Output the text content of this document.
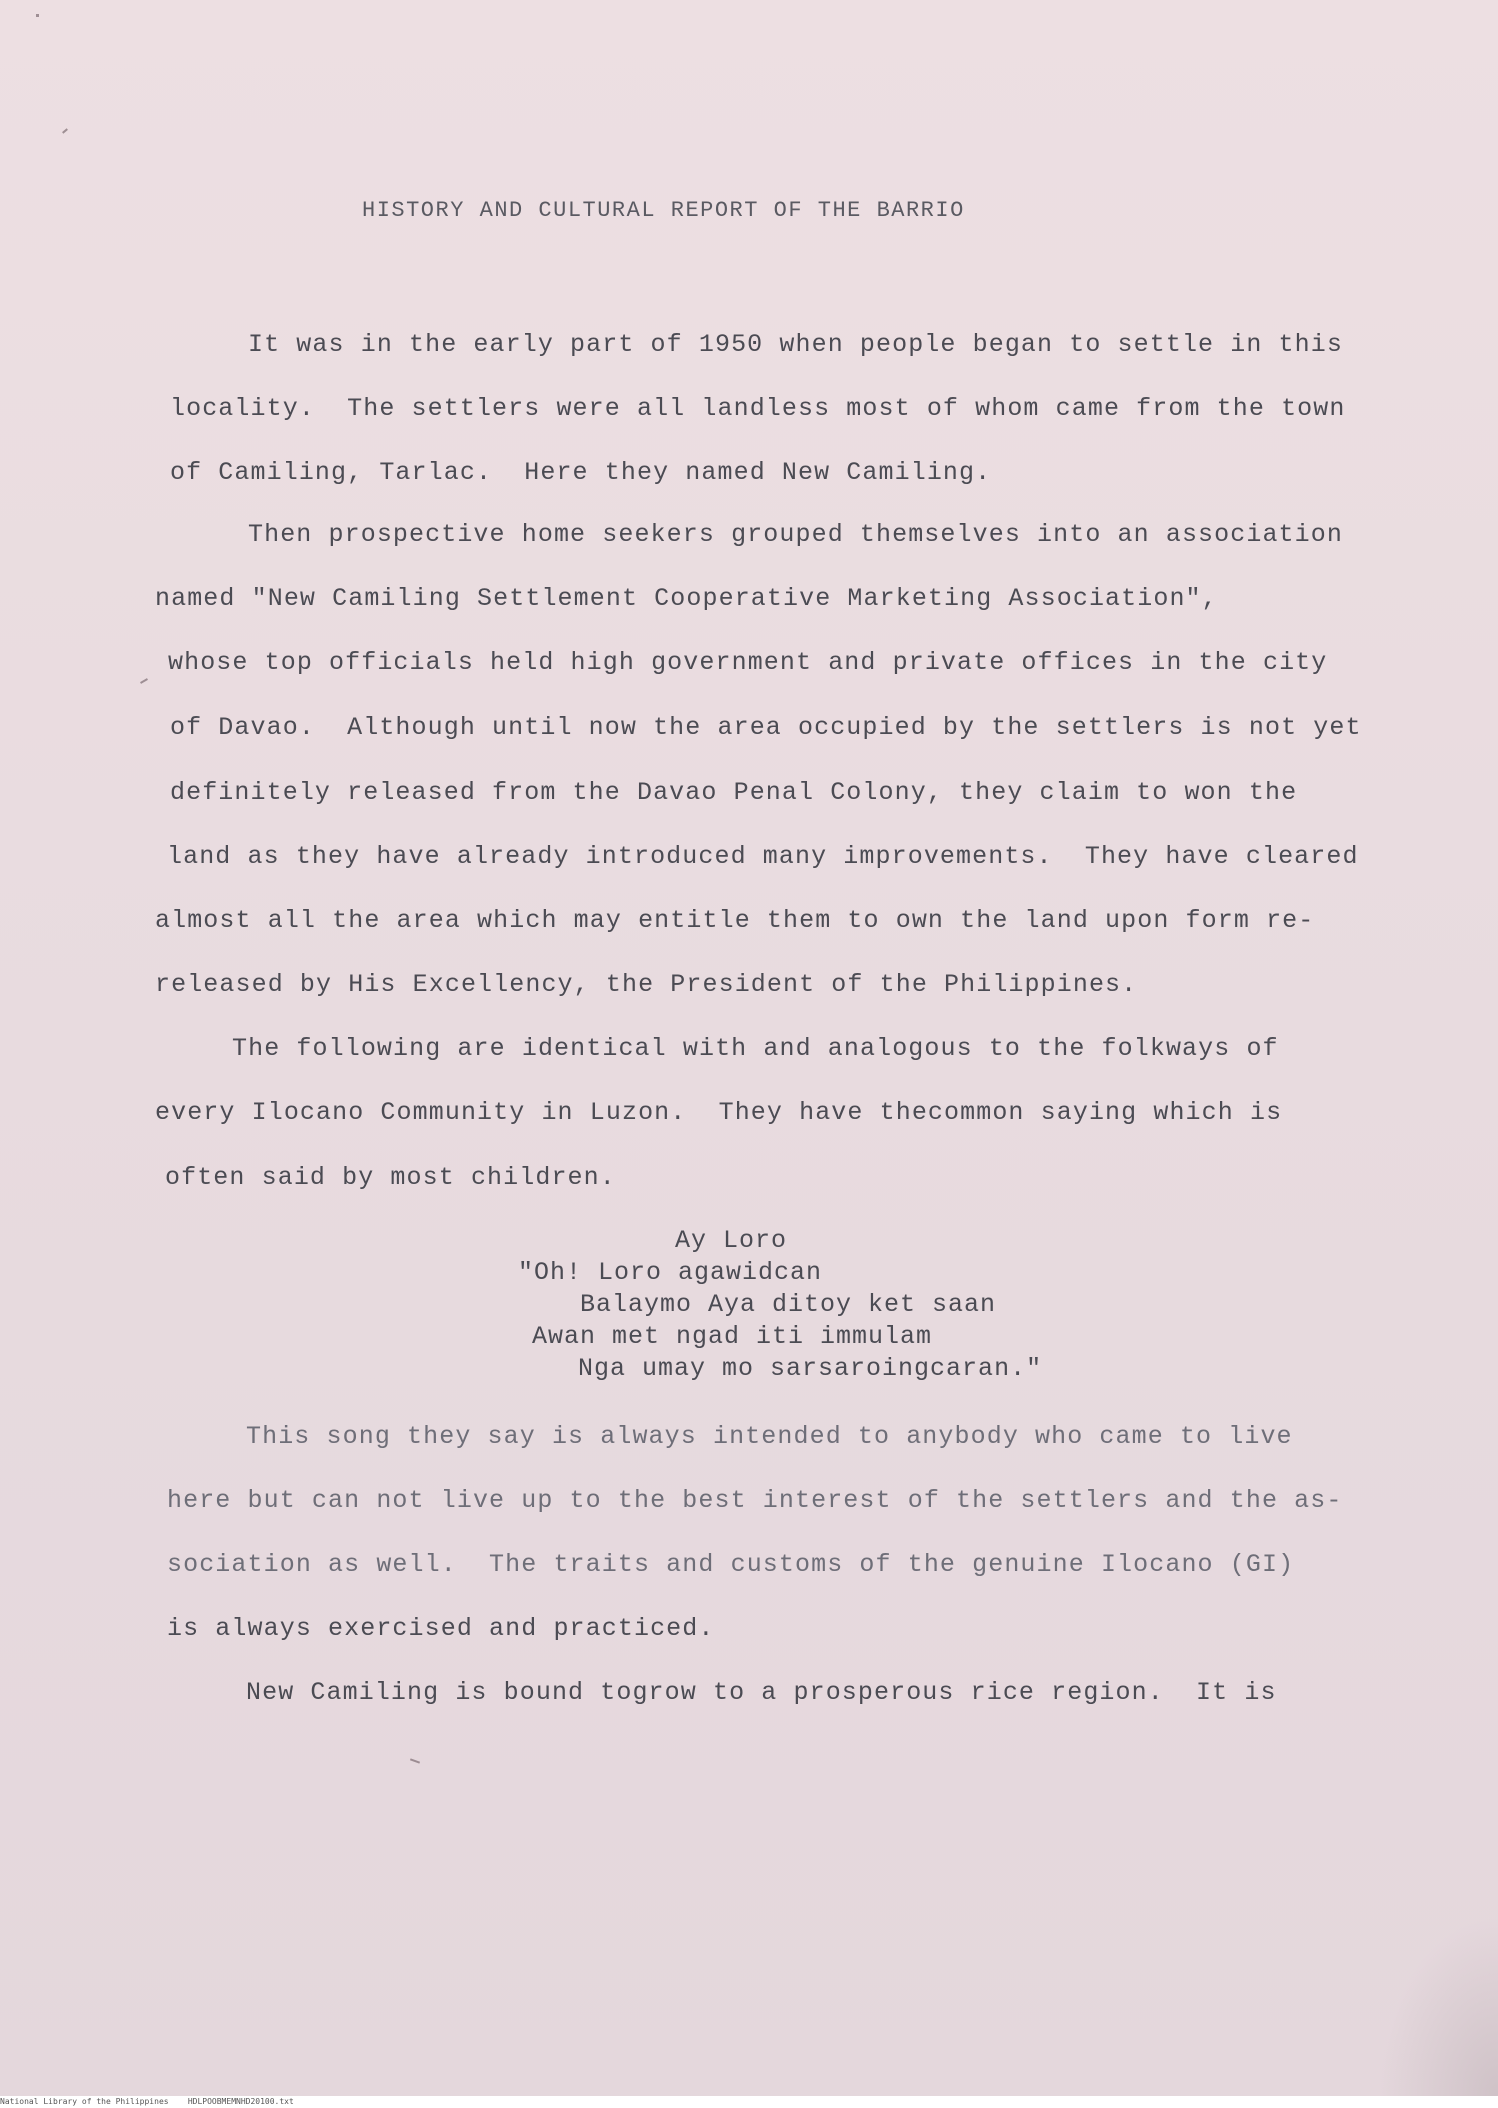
HISTORY AND CULTURAL REPORT OF THE BARRIO
It was in the early part of 1950 when people began to settle in this
locality.  The settlers were all landless most of whom came from the town
of Camiling, Tarlac.  Here they named New Camiling.
Then prospective home seekers grouped themselves into an association
named "New Camiling Settlement Cooperative Marketing Association",
whose top officials held high government and private offices in the city
of Davao.  Although until now the area occupied by the settlers is not yet
definitely released from the Davao Penal Colony, they claim to won the
land as they have already introduced many improvements.  They have cleared
almost all the area which may entitle them to own the land upon form re-
released by His Excellency, the President of the Philippines.
The following are identical with and analogous to the folkways of
every Ilocano Community in Luzon.  They have thecommon saying which is
often said by most children.
Ay Loro
"Oh! Loro agawidcan
Balaymo Aya ditoy ket saan
Awan met ngad iti immulam
Nga umay mo sarsaroingcaran."
This song they say is always intended to anybody who came to live
here but can not live up to the best interest of the settlers and the as-
sociation as well.  The traits and customs of the genuine Ilocano (GI)
is always exercised and practiced.
New Camiling is bound togrow to a prosperous rice region.  It is
National Library of the Philippines    HDLPOOBMEMNHD20100.txt
